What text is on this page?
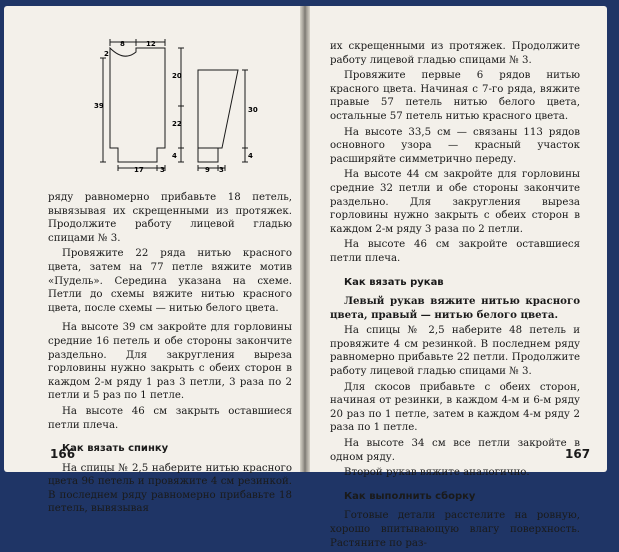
8	12
2
20
39
22
4
17 3
30
4
9 3

ряду равномерно прибавьте 18 петель, вывязывая их скрещенными из протяжек. Продолжите работу лицевой гладью спицами № 3.

Провяжите 22 ряда нитью красного цвета, затем на 77 петле вяжите мотив «Пудель». Середина указана на схеме. Петли до схемы вяжите нитью красного цвета, после схемы — нитью белого цвета.

На высоте 39 см закройте для горловины средние 16 петель и обе стороны закончите раздельно. Для закругления выреза горловины нужно закрыть с обеих сторон в каждом 2-м ряду 1 раз 3 петли, 3 раза по 2 петли и 5 раз по 1 петле.

На высоте 46 см закрыть оставшиеся петли плеча.

Как вязать спинку

На спицы № 2,5 наберите нитью красного цвета 96 петель и провяжите 4 см резинкой. В последнем ряду равномерно прибавьте 18 петель, вывязывая

166

их скрещенными из протяжек. Продолжите работу лицевой гладью спицами № 3.

Провяжите первые 6 рядов нитью красного цвета. Начиная с 7-го ряда, вяжите правые 57 петель нитью белого цвета, остальные 57 петель нитью красного цвета.

На высоте 33,5 см — связаны 113 рядов основного узора — красный участок расширяйте симметрично переду.

На высоте 44 см закройте для горловины средние 32 петли и обе стороны закончите раздельно. Для закругления выреза горловины нужно закрыть с обеих сторон в каждом 2-м ряду 3 раза по 2 петли.

На высоте 46 см закройте оставшиеся петли плеча.

Как вязать рукав

Левый рукав вяжите нитью красного цвета, правый — нитью белого цвета.

На спицы № 2,5 наберите 48 петель и провяжите 4 см резинкой. В последнем ряду равномерно прибавьте 22 петли. Продолжите работу лицевой гладью спицами № 3.

Для скосов прибавьте с обеих сторон, начиная от резинки, в каждом 4-м и 6-м ряду 20 раз по 1 петле, затем в каждом 4-м ряду 2 раза по 1 петле.

На высоте 34 см все петли закройте в одном ряду.

Второй рукав вяжите аналогично.

Как выполнить сборку

Готовые детали расстелите на ровную, хорошо впитывающую влагу поверхность. Растяните по раз-

167
